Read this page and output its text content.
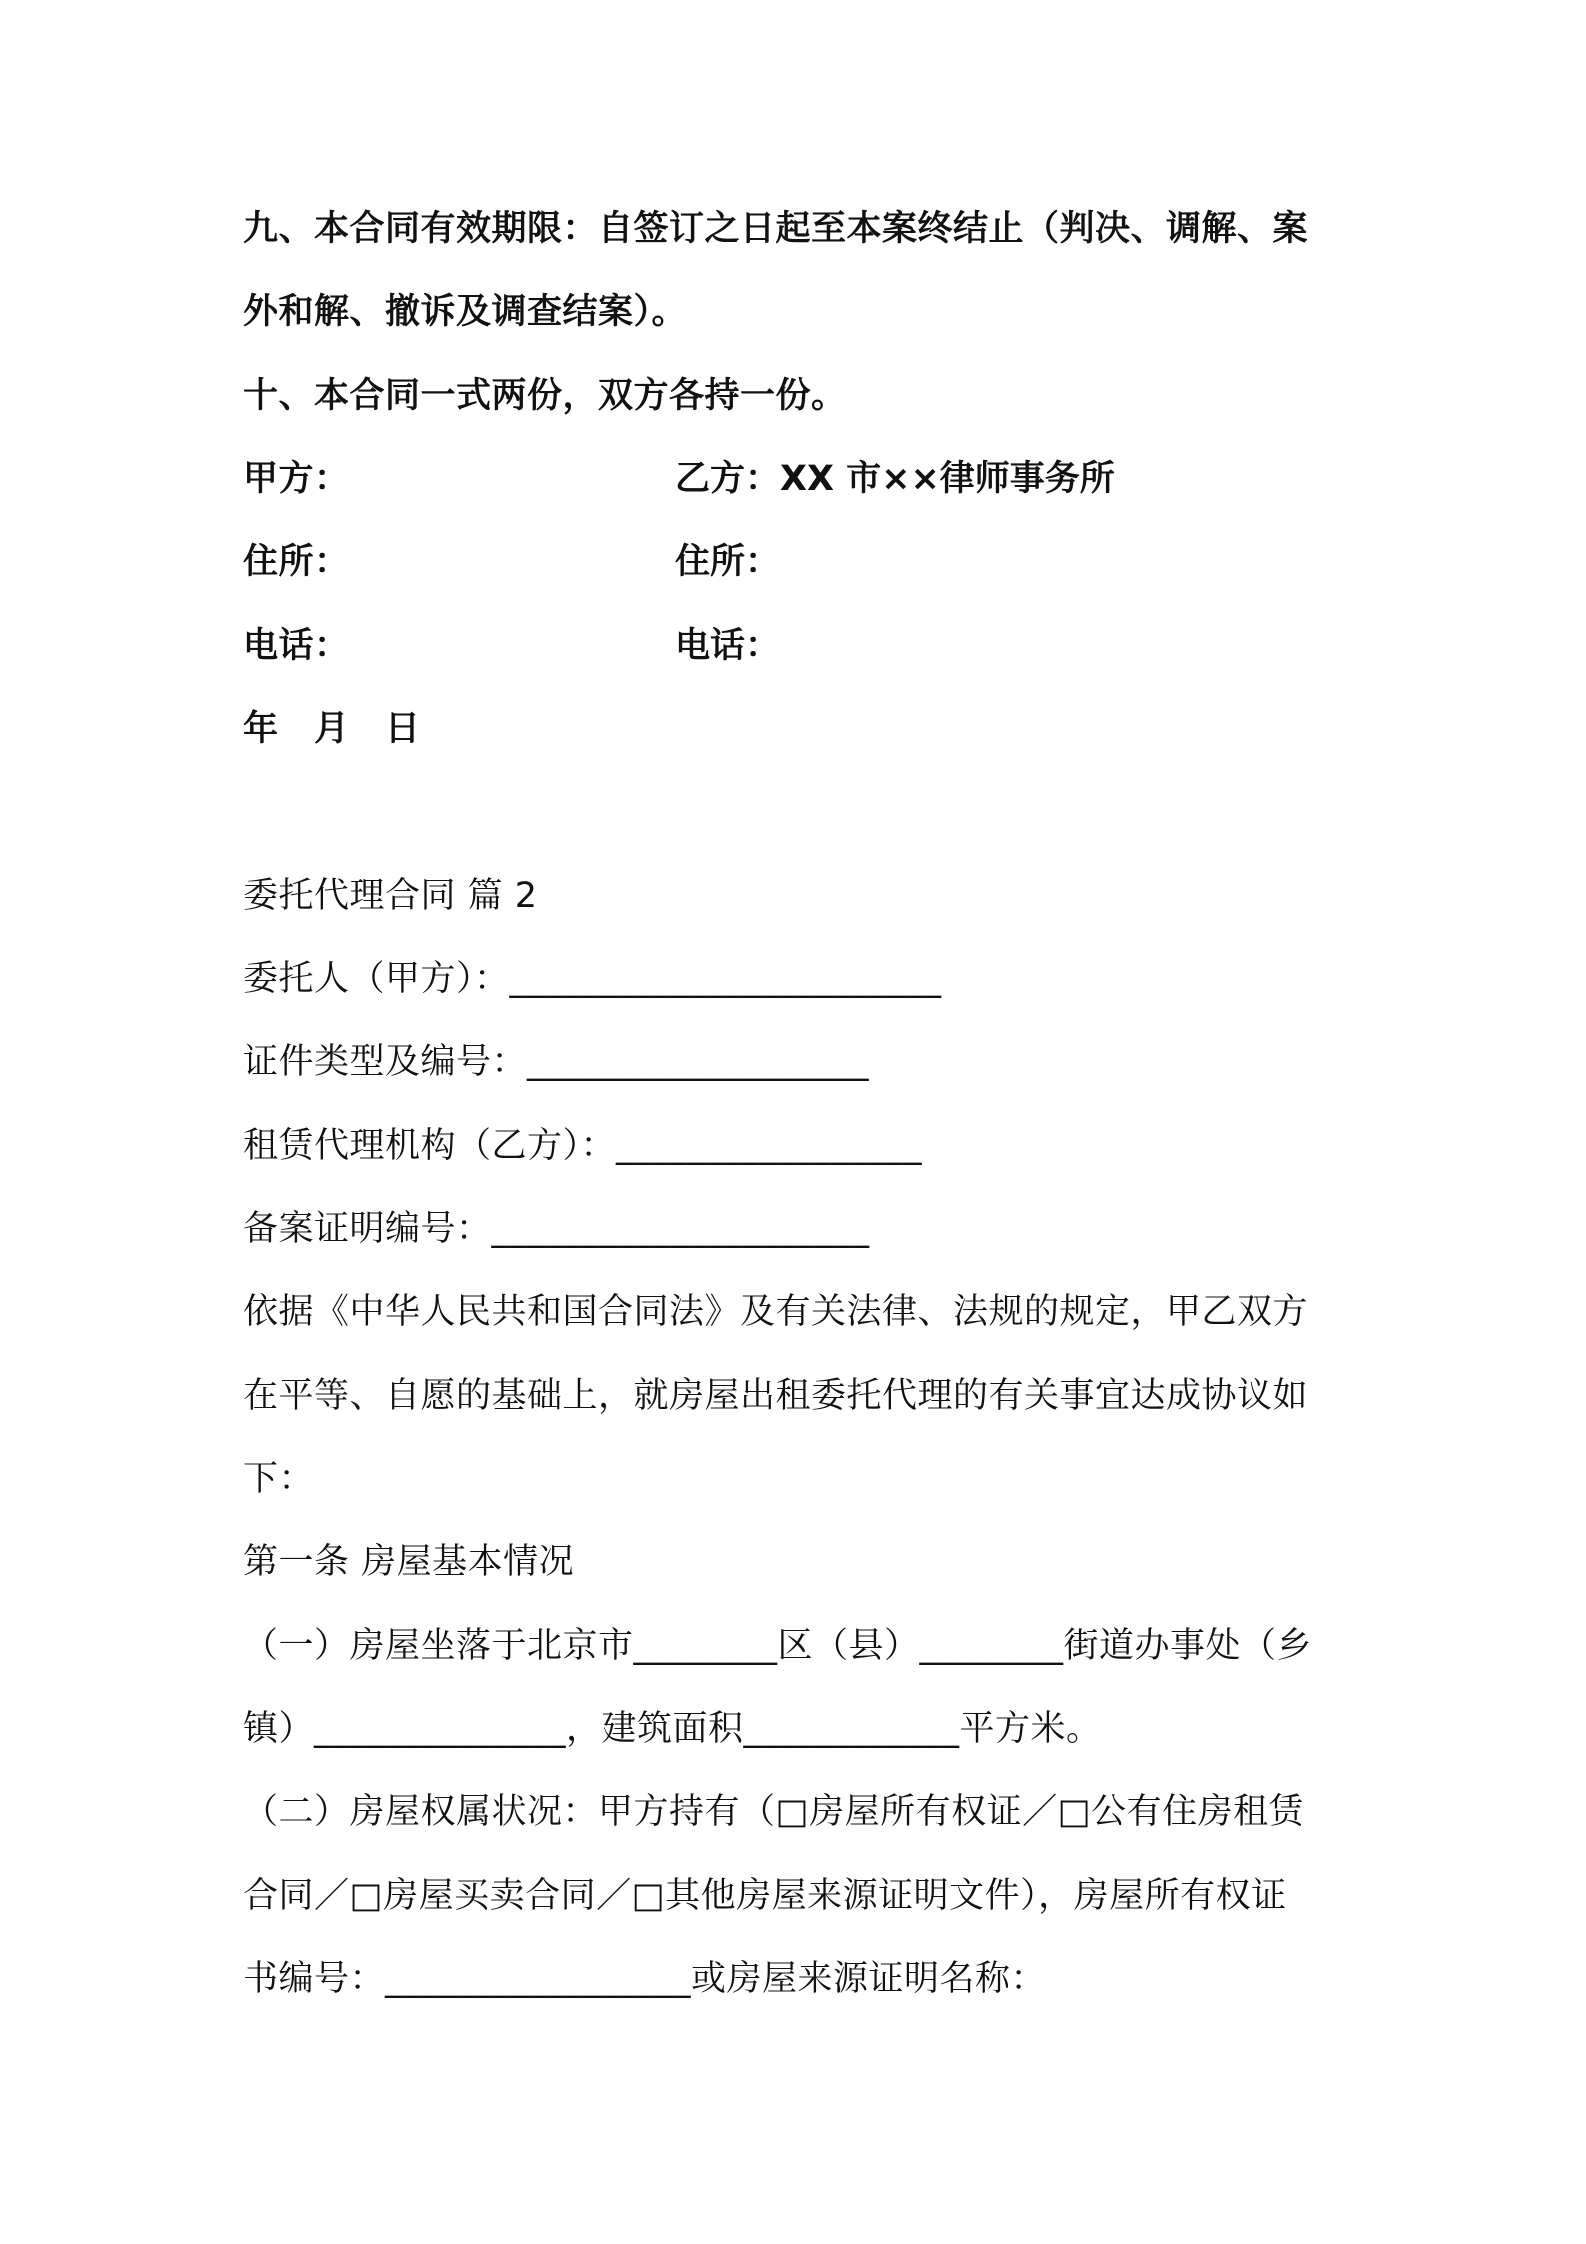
九、本合同有效期限：自签订之日起至本案终结止（判决、调解、案
外和解、撤诉及调查结案）。
十、本合同一式两份，双方各持一份。
甲方：	乙方：XX 市××律师事务所
住所：	住所：
电话：	电话：
年　月　日
委托代理合同 篇 2
委托人（甲方）：________________________
证件类型及编号：___________________
租赁代理机构（乙方）：_________________
备案证明编号：_____________________
依据《中华人民共和国合同法》及有关法律、法规的规定，甲乙双方
在平等、自愿的基础上，就房屋出租委托代理的有关事宜达成协议如
下：
第一条 房屋基本情况
（一）房屋坐落于北京市________区（县）________街道办事处（乡
镇）______________，建筑面积____________平方米。
（二）房屋权属状况：甲方持有（□房屋所有权证／□公有住房租赁
合同／□房屋买卖合同／□其他房屋来源证明文件），房屋所有权证
书编号：_________________或房屋来源证明名称：
